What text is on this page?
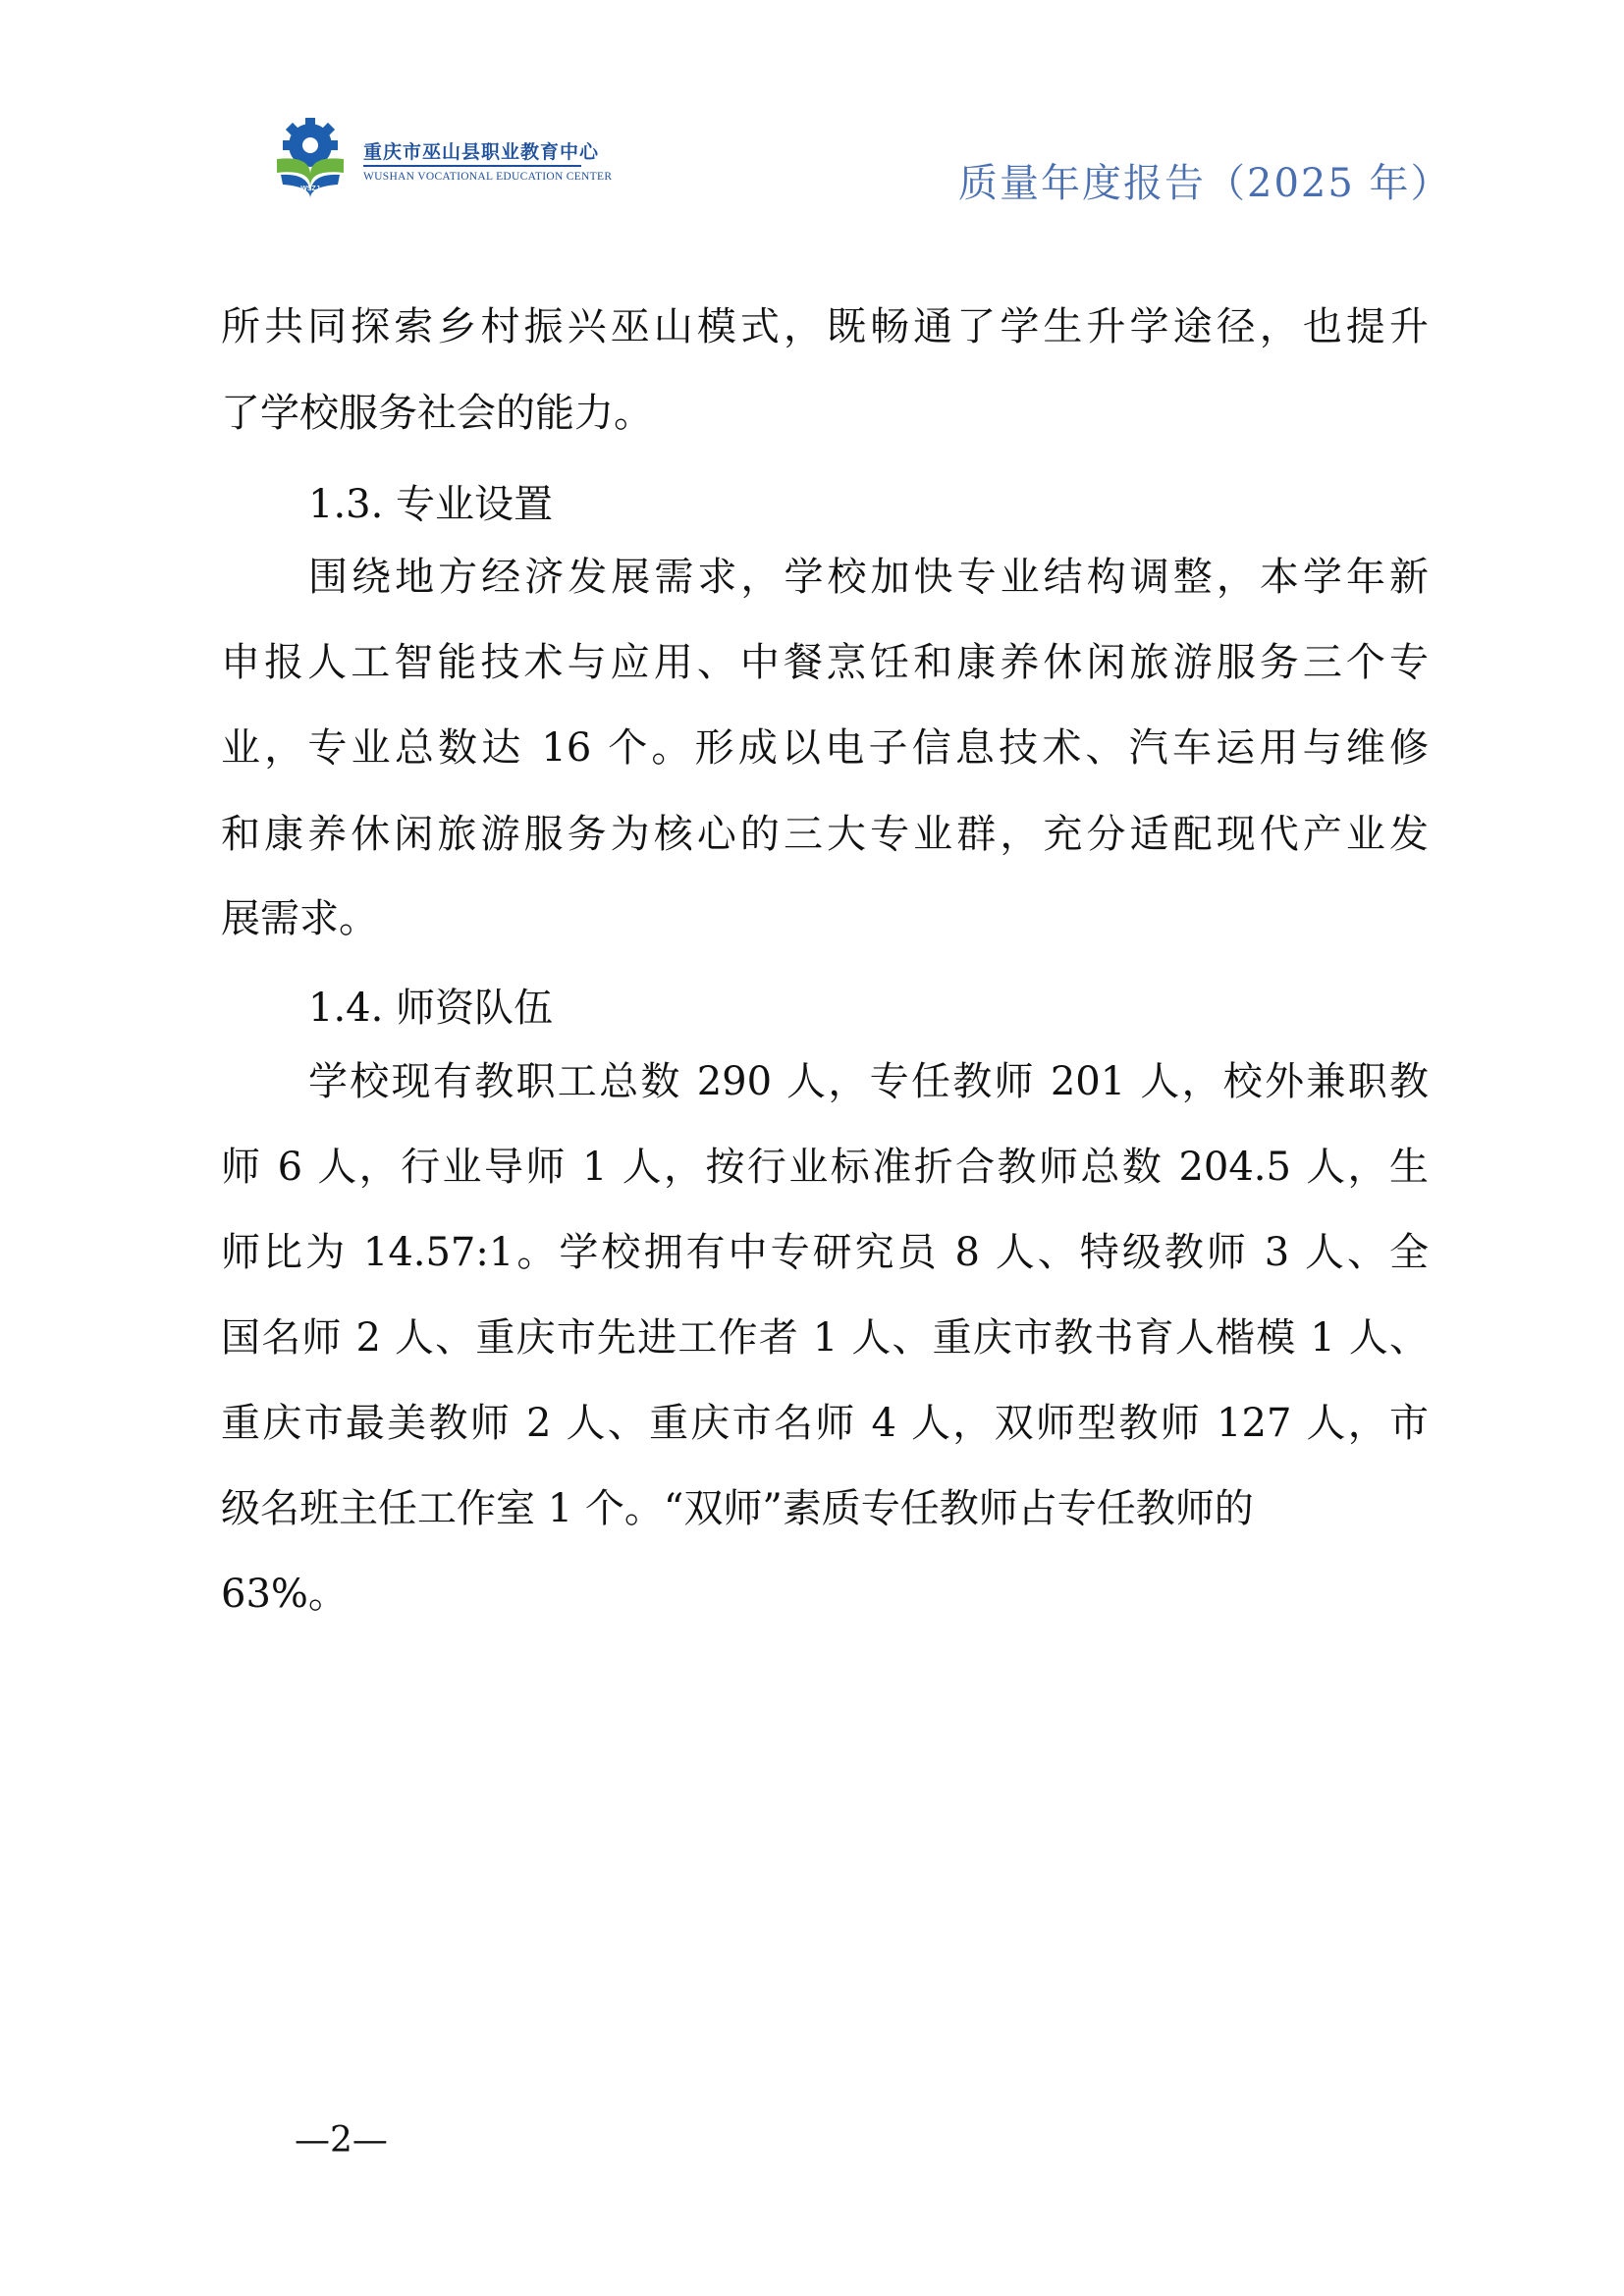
WSZJ
重庆市巫山县职业教育中心
WUSHAN VOCATIONAL EDUCATION CENTER	质量年度报告（2025 年）
所共同探索乡村振兴巫山模式，既畅通了学生升学途径，也提升
了学校服务社会的能力。
1.3. 专业设置
围绕地方经济发展需求，学校加快专业结构调整，本学年新
申报人工智能技术与应用、中餐烹饪和康养休闲旅游服务三个专
业，专业总数达 16 个。形成以电子信息技术、汽车运用与维修
和康养休闲旅游服务为核心的三大专业群，充分适配现代产业发
展需求。
1.4. 师资队伍
学校现有教职工总数 290 人，专任教师 201 人，校外兼职教
师 6 人，行业导师 1 人，按行业标准折合教师总数 204.5 人，生
师比为 14.57:1。学校拥有中专研究员 8 人、特级教师 3 人、全
国名师 2 人、重庆市先进工作者 1 人、重庆市教书育人楷模 1 人、
重庆市最美教师 2 人、重庆市名师 4 人，双师型教师 127 人，市
级名班主任工作室 1 个。“双师”素质专任教师占专任教师的
63%。
—2—
